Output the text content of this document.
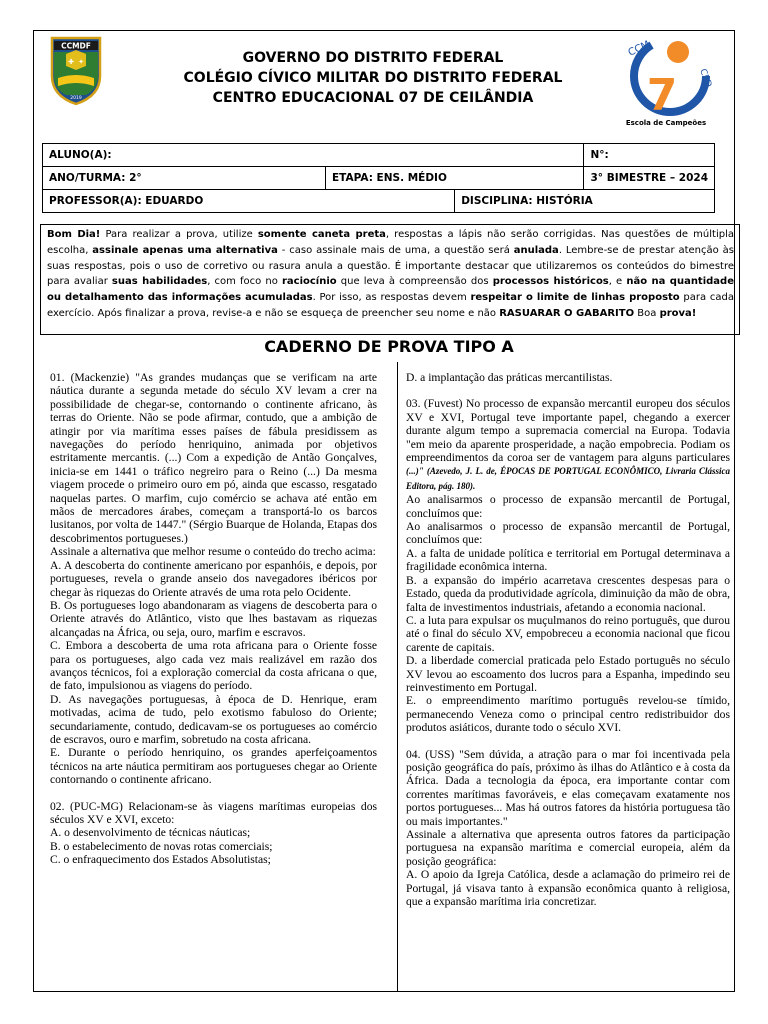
CCMDF
✚ ✦
2019
CCM
CED
7
Escola de Campeões
GOVERNO DO DISTRITO FEDERAL
COLÉGIO CÍVICO MILITAR DO DISTRITO FEDERAL
CENTRO EDUCACIONAL 07 DE CEILÂNDIA
ALUNO(A):			N°:
ANO/TURMA: 2°	ETAPA: ENS. MÉDIO		3° BIMESTRE – 2024
PROFESSOR(A): EDUARDO		DISCIPLINA: HISTÓRIA	
Bom Dia! Para realizar a prova, utilize somente caneta preta, respostas a lápis não serão corrigidas. Nas questões de múltipla escolha, assinale apenas uma alternativa - caso assinale mais de uma, a questão será anulada. Lembre-se de prestar atenção às suas respostas, pois o uso de corretivo ou rasura anula a questão. É importante destacar que utilizaremos os conteúdos do bimestre para avaliar suas habilidades, com foco no raciocínio que leva à compreensão dos processos históricos, e não na quantidade ou detalhamento das informações acumuladas. Por isso, as respostas devem respeitar o limite de linhas proposto para cada exercício. Após finalizar a prova, revise-a e não se esqueça de preencher seu nome e não RASUARAR O GABARITO Boa prova!
CADERNO DE PROVA TIPO A

01. (Mackenzie) "As grandes mudanças que se verificam na arte náutica durante a segunda metade do século XV levam a crer na possibilidade de chegar-se, contornando o continente africano, às terras do Oriente. Não se pode afirmar, contudo, que a ambição de atingir por via marítima esses países de fábula presidissem as navegações do período henriquino, animada por objetivos estritamente mercantis. (...) Com a expedição de Antão Gonçalves, inicia-se em 1441 o tráfico negreiro para o Reino (...) Da mesma viagem procede o primeiro ouro em pó, ainda que escasso, resgatado naquelas partes. O marfim, cujo comércio se achava até então em mãos de mercadores árabes, começam a transportá-lo os barcos lusitanos, por volta de 1447." (Sérgio Buarque de Holanda, Etapas dos descobrimentos portugueses.)

Assinale a alternativa que melhor resume o conteúdo do trecho acima:

A. A descoberta do continente americano por espanhóis, e depois, por portugueses, revela o grande anseio dos navegadores ibéricos por chegar às riquezas do Oriente através de uma rota pelo Ocidente.

B. Os portugueses logo abandonaram as viagens de descoberta para o Oriente através do Atlântico, visto que lhes bastavam as riquezas alcançadas na África, ou seja, ouro, marfim e escravos.

C. Embora a descoberta de uma rota africana para o Oriente fosse para os portugueses, algo cada vez mais realizável em razão dos avanços técnicos, foi a exploração comercial da costa africana o que, de fato, impulsionou as viagens do período.

D. As navegações portuguesas, à época de D. Henrique, eram motivadas, acima de tudo, pelo exotismo fabuloso do Oriente; secundariamente, contudo, dedicavam-se os portugueses ao comércio de escravos, ouro e marfim, sobretudo na costa africana.

E. Durante o período henriquino, os grandes aperfeiçoamentos técnicos na arte náutica permitiram aos portugueses chegar ao Oriente contornando o continente africano.

02. (PUC-MG) Relacionam-se às viagens marítimas europeias dos séculos XV e XVI, exceto:

A. o desenvolvimento de técnicas náuticas;

B. o estabelecimento de novas rotas comerciais;

C. o enfraquecimento dos Estados Absolutistas;

D. a implantação das práticas mercantilistas.

03. (Fuvest) No processo de expansão mercantil europeu dos séculos XV e XVI, Portugal teve importante papel, chegando a exercer durante algum tempo a supremacia comercial na Europa. Todavia "em meio da aparente prosperidade, a nação empobrecia. Podiam os empreendimentos da coroa ser de vantagem para alguns particulares (...)" (Azevedo, J. L. de, ÉPOCAS DE PORTUGAL ECONÔMICO, Livraria Clássica Editora, pág. 180).

Ao analisarmos o processo de expansão mercantil de Portugal, concluímos que:

Ao analisarmos o processo de expansão mercantil de Portugal, concluímos que:

A. a falta de unidade política e territorial em Portugal determinava a fragilidade econômica interna.

B. a expansão do império acarretava crescentes despesas para o Estado, queda da produtividade agrícola, diminuição da mão de obra, falta de investimentos industriais, afetando a economia nacional.

C. a luta para expulsar os muçulmanos do reino português, que durou até o final do século XV, empobreceu a economia nacional que ficou carente de capitais.

D. a liberdade comercial praticada pelo Estado português no século XV levou ao escoamento dos lucros para a Espanha, impedindo seu reinvestimento em Portugal.

E. o empreendimento marítimo português revelou-se tímido, permanecendo Veneza como o principal centro redistribuidor dos produtos asiáticos, durante todo o século XVI.

04. (USS) "Sem dúvida, a atração para o mar foi incentivada pela posição geográfica do país, próximo às ilhas do Atlântico e à costa da África. Dada a tecnologia da época, era importante contar com correntes marítimas favoráveis, e elas começavam exatamente nos portos portugueses... Mas há outros fatores da história portuguesa tão ou mais importantes."

Assinale a alternativa que apresenta outros fatores da participação portuguesa na expansão marítima e comercial europeia, além da posição geográfica:

A. O apoio da Igreja Católica, desde a aclamação do primeiro rei de Portugal, já visava tanto à expansão econômica quanto à religiosa, que a expansão marítima iria concretizar.
